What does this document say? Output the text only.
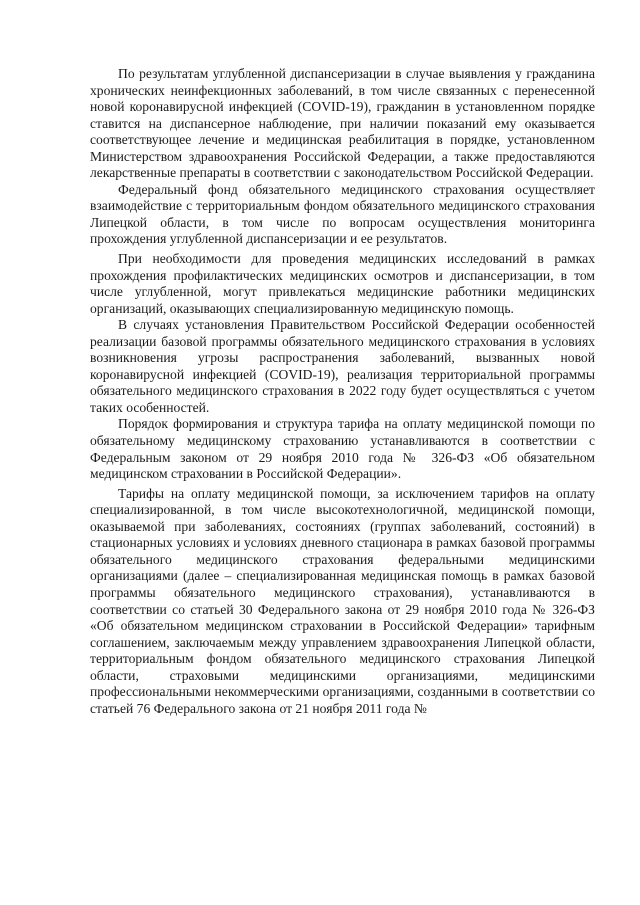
По результатам углубленной диспансеризации в случае выявления у гражданина хронических неинфекционных заболеваний, в том числе связанных с перенесенной новой коронавирусной инфекцией (COVID-19), гражданин в установленном порядке ставится на диспансерное наблюдение, при наличии показаний ему оказывается соответствующее лечение и медицинская реабилитация в порядке, установленном Министерством здравоохранения Российской Федерации, а также предоставляются лекарственные препараты в соответствии с законодательством Российской Федерации.

Федеральный фонд обязательного медицинского страхования осуществляет взаимодействие с территориальным фондом обязательного медицинского страхования Липецкой области, в том числе по вопросам осуществления мониторинга прохождения углубленной диспансеризации и ее результатов.

При необходимости для проведения медицинских исследований в рамках прохождения профилактических медицинских осмотров и диспансеризации, в том числе углубленной, могут привлекаться медицинские работники медицинских организаций, оказывающих специализированную медицинскую помощь.

В случаях установления Правительством Российской Федерации особенностей реализации базовой программы обязательного медицинского страхования в условиях возникновения угрозы распространения заболеваний, вызванных новой коронавирусной инфекцией (COVID-19), реализация территориальной программы обязательного медицинского страхования в 2022 году будет осуществляться с учетом таких особенностей.

Порядок формирования и структура тарифа на оплату медицинской помощи по обязательному медицинскому страхованию устанавливаются в соответствии с Федеральным законом от 29 ноября 2010 года № 326-ФЗ «Об обязательном медицинском страховании в Российской Федерации».

Тарифы на оплату медицинской помощи, за исключением тарифов на оплату специализированной, в том числе высокотехнологичной, медицинской помощи, оказываемой при заболеваниях, состояниях (группах заболеваний, состояний) в стационарных условиях и условиях дневного стационара в рамках базовой программы обязательного медицинского страхования федеральными медицинскими организациями (далее – специализированная медицинская помощь в рамках базовой программы обязательного медицинского страхования), устанавливаются в соответствии со статьей 30 Федерального закона от 29 ноября 2010 года № 326-ФЗ «Об обязательном медицинском страховании в Российской Федерации» тарифным соглашением, заключаемым между управлением здравоохранения Липецкой области, территориальным фондом обязательного медицинского страхования Липецкой области, страховыми медицинскими организациями, медицинскими профессиональными некоммерческими организациями, созданными в соответствии со статьей 76 Федерального закона от 21 ноября 2011 года №
